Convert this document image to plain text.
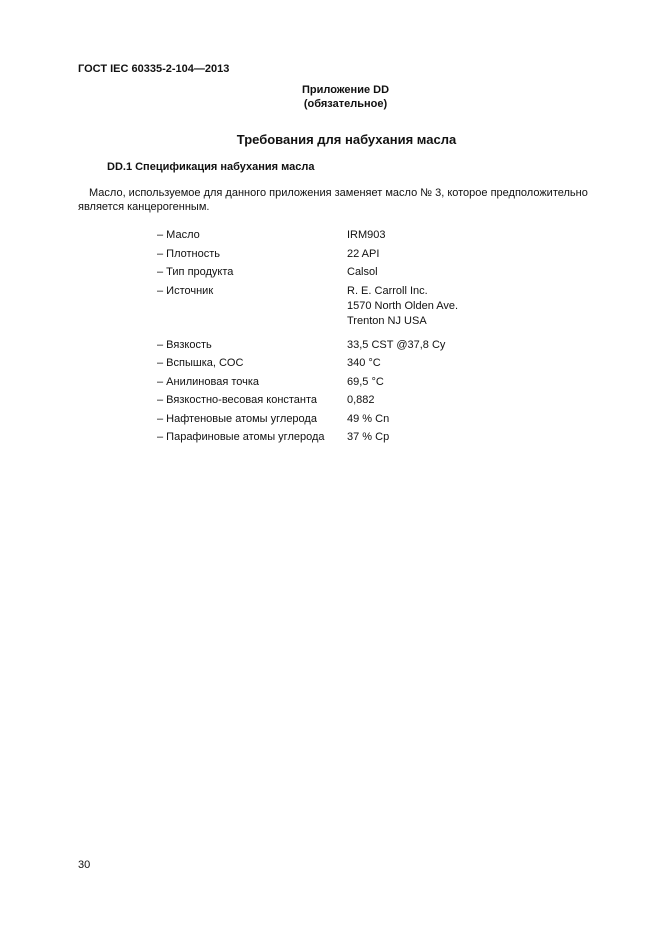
ГОСТ IEC 60335-2-104—2013
Приложение DD
(обязательное)
Требования для набухания масла
DD.1 Спецификация набухания масла
Масло, используемое для данного приложения заменяет масло № 3, которое предположительно
является канцерогенным.
– Масло	IRM903
– Плотность	22 API
– Тип продукта	Calsol
– Источник	R. E. Carroll Inc.
1570 North Olden Ave.
Trenton NJ USA
– Вязкость	33,5 CST @37,8 Cy
– Вспышка, COC	340 °C
– Анилиновая точка	69,5 °C
– Вязкостно-весовая константа	0,882
– Нафтеновые атомы углерода	49 % Cn
– Парафиновые атомы углерода	37 % Cp
30
